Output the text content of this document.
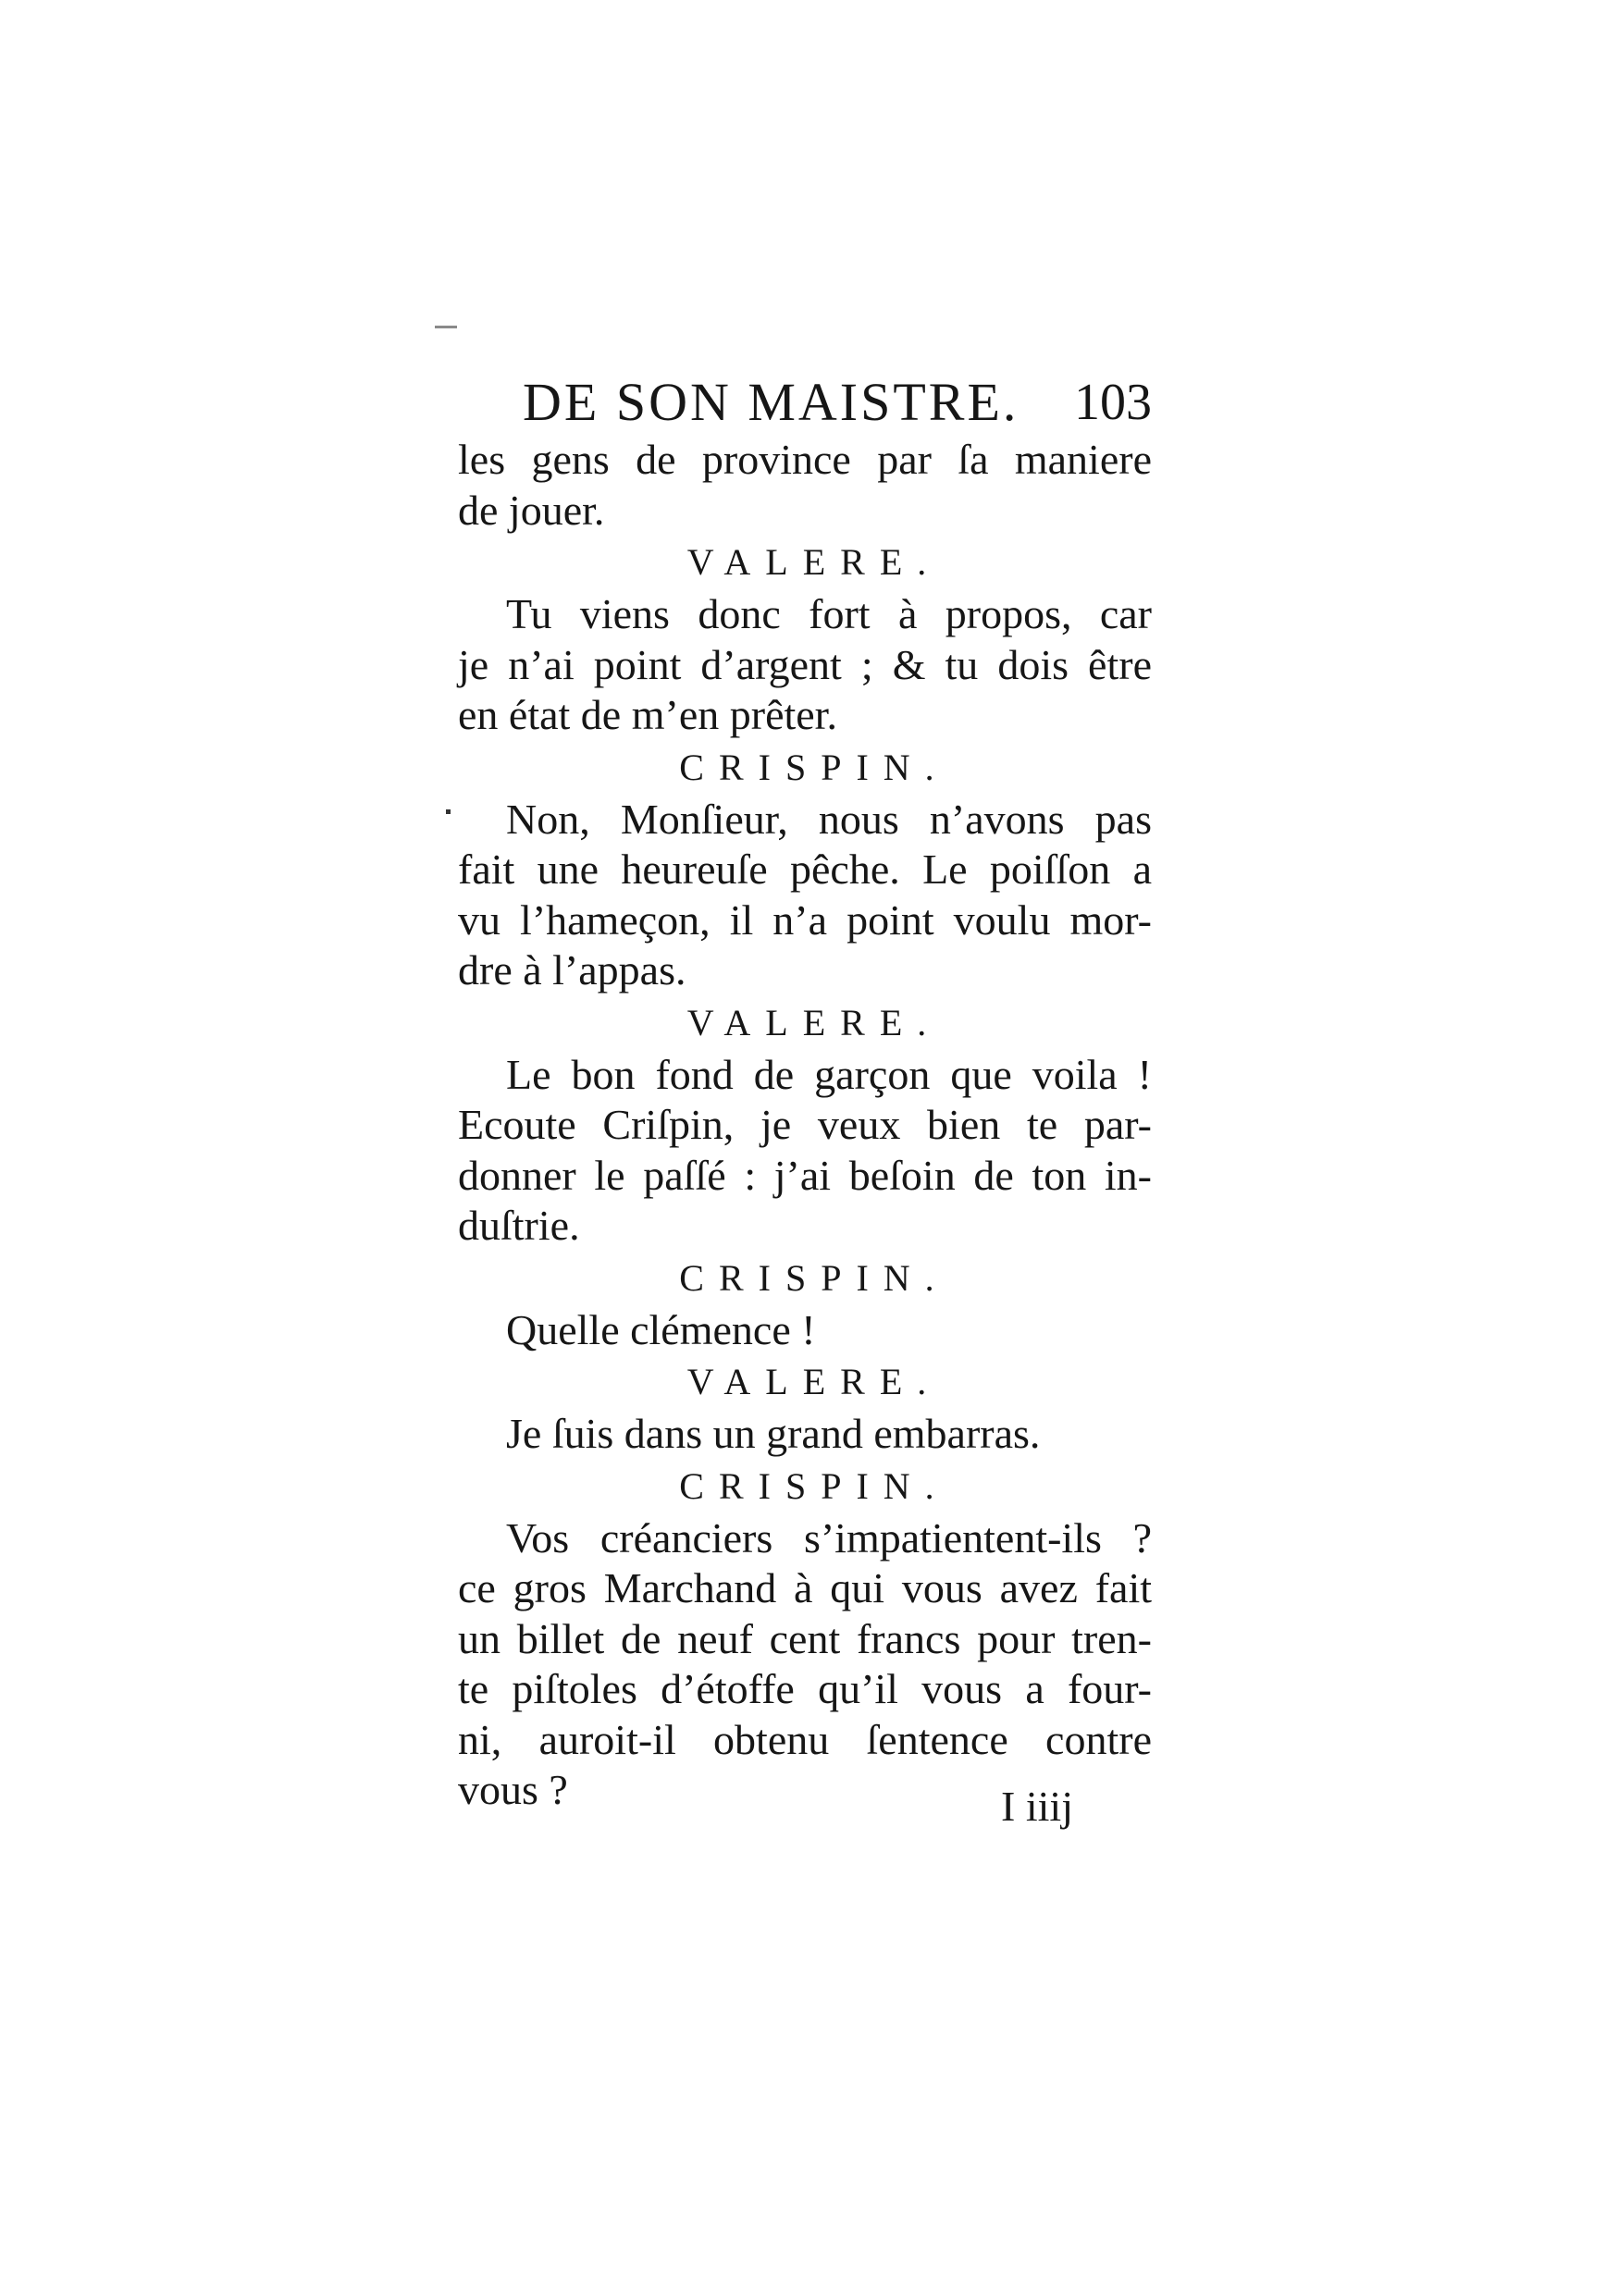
DE SON MAISTRE. 103
les gens de province par ſa maniere
de jouer.
VALERE.
Tu viens donc fort à propos, car
je n’ai point d’argent ; & tu dois être
en état de m’en prêter.
CRISPIN.
Non, Monſieur, nous n’avons pas
fait une heureuſe pêche. Le poiſſon a
vu l’hameçon, il n’a point voulu mor-
dre à l’appas.
VALERE.
Le bon fond de garçon que voila !
Ecoute Criſpin, je veux bien te par-
donner le paſſé : j’ai beſoin de ton in-
duſtrie.
CRISPIN.
Quelle clémence !
VALERE.
Je ſuis dans un grand embarras.
CRISPIN.
Vos créanciers s’impatientent-ils ?
ce gros Marchand à qui vous avez fait
un billet de neuf cent francs pour tren-
te piſtoles d’étoffe qu’il vous a four-
ni, auroit-il obtenu ſentence contre
vous ?	I iiij
